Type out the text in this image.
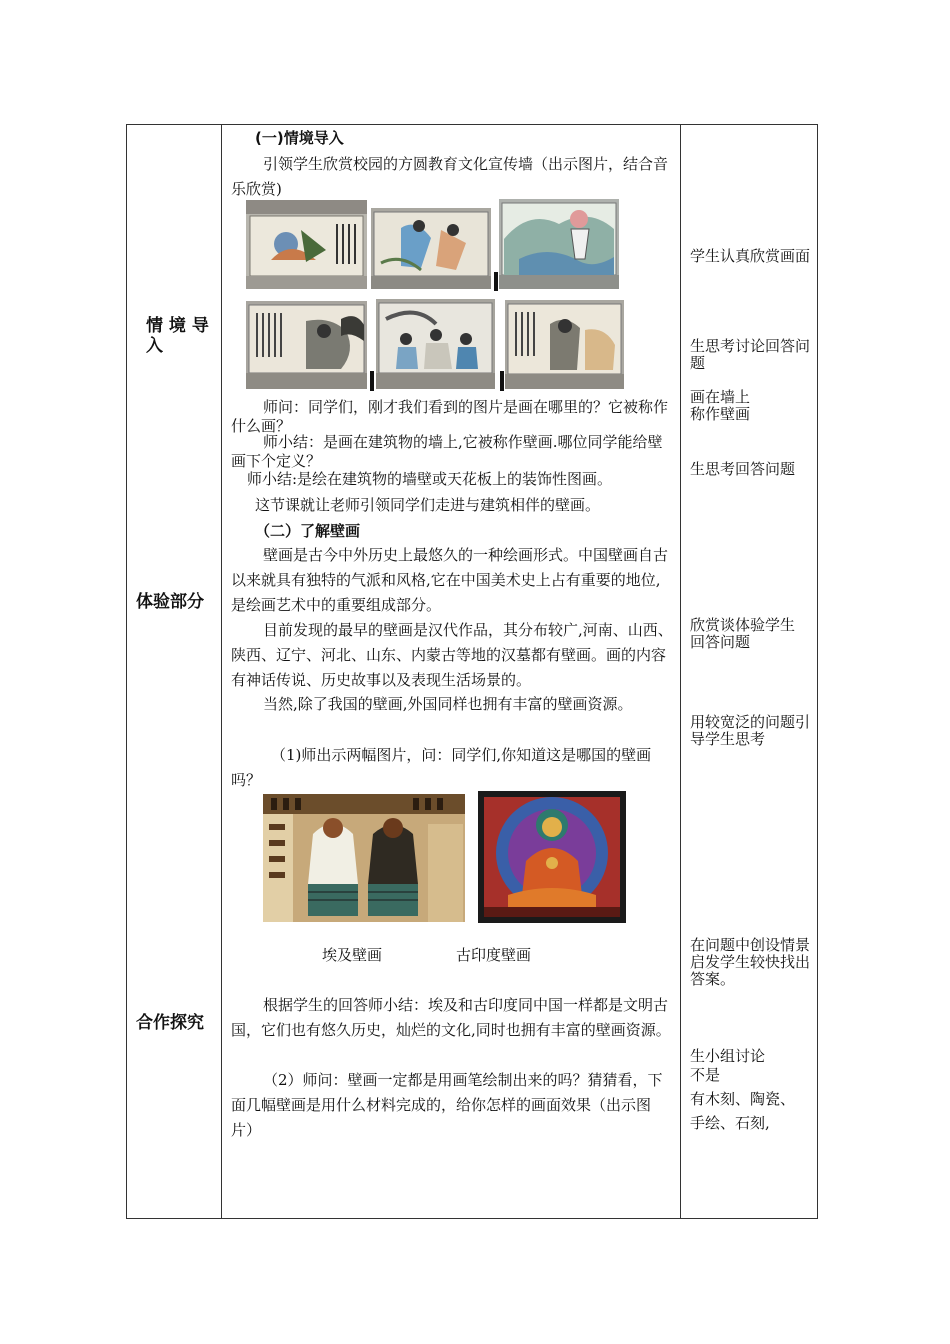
情 境 导 入
体验部分
合作探究
(一)情境导入

引领学生欣赏校园的方圆教育文化宣传墙（出示图片，结合音乐欣赏)

师问：同学们，刚才我们看到的图片是画在哪里的？它被称作什么画？

师小结：是画在建筑物的墙上,它被称作壁画.哪位同学能给壁画下个定义？

师小结:是绘在建筑物的墙壁或天花板上的装饰性图画。

这节课就让老师引领同学们走进与建筑相伴的壁画。

（二）了解壁画

壁画是古今中外历史上最悠久的一种绘画形式。中国壁画自古以来就具有独特的气派和风格,它在中国美术史上占有重要的地位,是绘画艺术中的重要组成部分。

目前发现的最早的壁画是汉代作品，其分布较广,河南、山西、陕西、辽宁、河北、山东、内蒙古等地的汉墓都有壁画。画的内容有神话传说、历史故事以及表现生活场景的。

当然,除了我国的壁画,外国同样也拥有丰富的壁画资源。

（1)师出示两幅图片，问：同学们,你知道这是哪国的壁画吗？

埃及壁画	古印度壁画

根据学生的回答师小结：埃及和古印度同中国一样都是文明古国，它们也有悠久历史，灿烂的文化,同时也拥有丰富的壁画资源。

（2）师问：壁画一定都是用画笔绘制出来的吗？猜猜看，下面几幅壁画是用什么材料完成的，给你怎样的画面效果（出示图片）

学生认真欣赏画面
生思考讨论回答问题
画在墙上称作壁画
生思考回答问题
欣赏谈体验学生回答问题
用较宽泛的问题引导学生思考
在问题中创设情景启发学生较快找出答案。
生小组讨论
不是
有木刻、陶瓷、
手绘、石刻,
